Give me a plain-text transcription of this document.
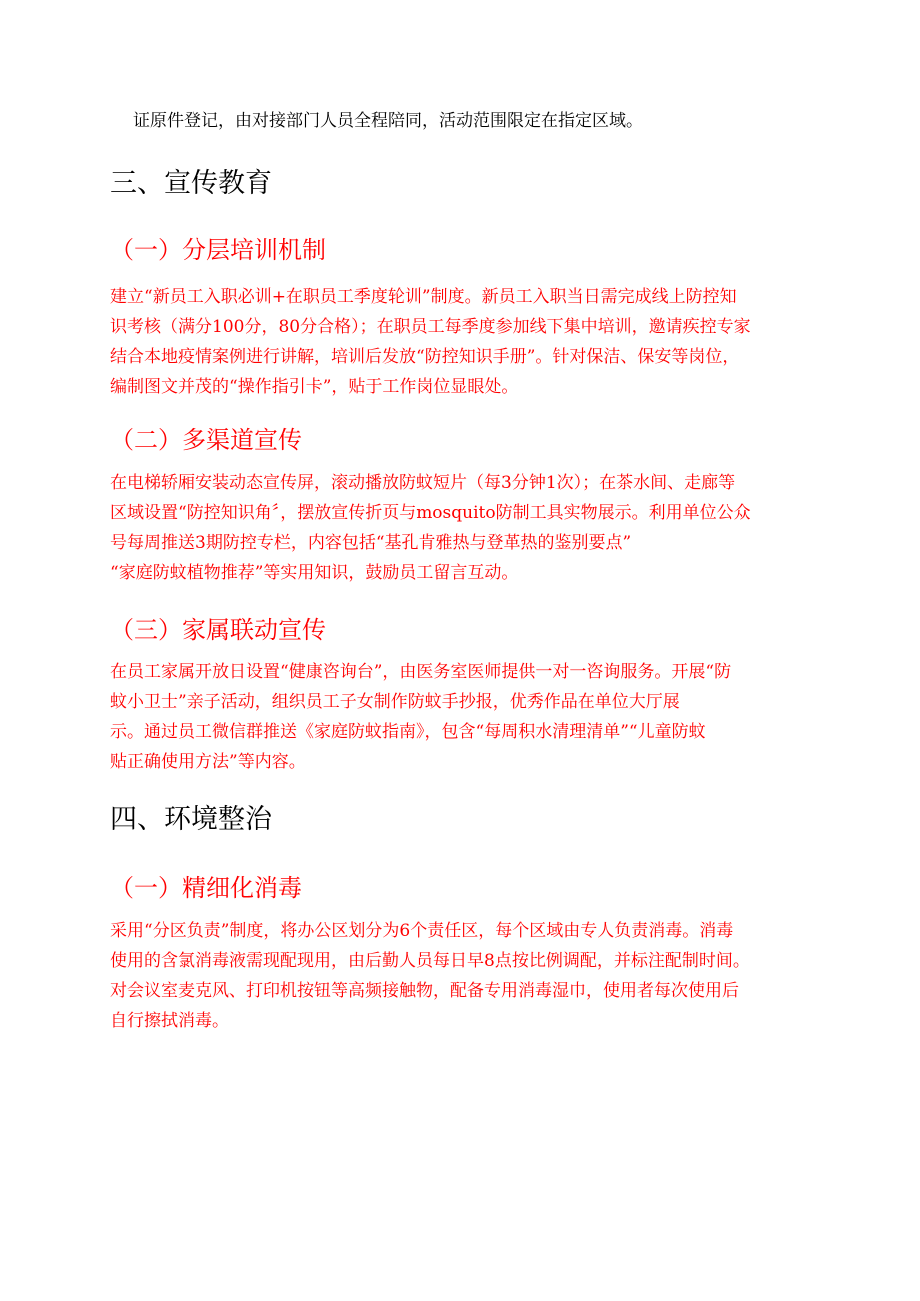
证原件登记，由对接部门人员全程陪同，活动范围限定在指定区域。
三、宣传教育
（一）分层培训机制
建立“新员工入职必训+在职员工季度轮训”制度。新员工入职当日需完成线上防控知
识考核（满分100分，80分合格）；在职员工每季度参加线下集中培训，邀请疾控专家
结合本地疫情案例进行讲解，培训后发放“防控知识手册”。针对保洁、保安等岗位，
编制图文并茂的“操作指引卡”，贴于工作岗位显眼处。
（二）多渠道宣传
在电梯轿厢安装动态宣传屏，滚动播放防蚊短片（每3分钟1次）；在茶水间、走廊等
区域设置“防控知识角〞，摆放宣传折页与mosquito防制工具实物展示。利用单位公众
号每周推送3期防控专栏，内容包括“基孔肯雅热与登革热的鉴别要点”
“家庭防蚊植物推荐”等实用知识，鼓励员工留言互动。
（三）家属联动宣传
在员工家属开放日设置“健康咨询台”，由医务室医师提供一对一咨询服务。开展“防
蚊小卫士”亲子活动，组织员工子女制作防蚊手抄报，优秀作品在单位大厅展
示。通过员工微信群推送《家庭防蚊指南》，包含“每周积水清理清单”“儿童防蚊
贴正确使用方法”等内容。
四、环境整治
（一）精细化消毒
采用“分区负责”制度，将办公区划分为6个责任区，每个区域由专人负责消毒。消毒
使用的含氯消毒液需现配现用，由后勤人员每日早8点按比例调配，并标注配制时间。
对会议室麦克风、打印机按钮等高频接触物，配备专用消毒湿巾，使用者每次使用后
自行擦拭消毒。
